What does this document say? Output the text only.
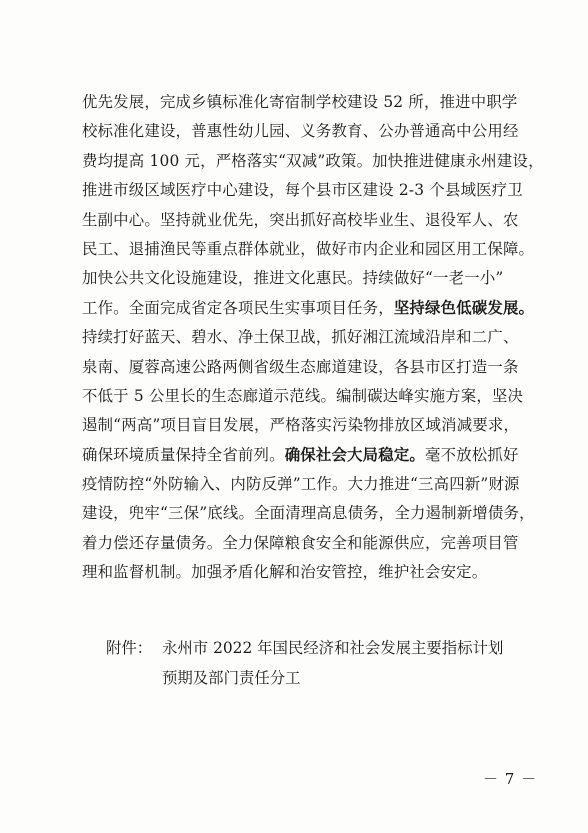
优先发展，完成乡镇标准化寄宿制学校建设 52 所，推进中职学
校标准化建设，普惠性幼儿园、义务教育、公办普通高中公用经
费均提高 100 元，严格落实“双减”政策。加快推进健康永州建设，
推进市级区域医疗中心建设，每个县市区建设 2-3 个县域医疗卫
生副中心。坚持就业优先，突出抓好高校毕业生、退役军人、农
民工、退捕渔民等重点群体就业，做好市内企业和园区用工保障。
加快公共文化设施建设，推进文化惠民。持续做好“一老一小”
工作。全面完成省定各项民生实事项目任务，坚持绿色低碳发展。
持续打好蓝天、碧水、净土保卫战，抓好湘江流域沿岸和二广、
泉南、厦蓉高速公路两侧省级生态廊道建设，各县市区打造一条
不低于 5 公里长的生态廊道示范线。编制碳达峰实施方案，坚决
遏制“两高”项目盲目发展，严格落实污染物排放区域消减要求，
确保环境质量保持全省前列。确保社会大局稳定。毫不放松抓好
疫情防控“外防输入、内防反弹”工作。大力推进“三高四新”财源
建设，兜牢“三保”底线。全面清理高息债务，全力遏制新增债务，
着力偿还存量债务。全力保障粮食安全和能源供应，完善项目管
理和监督机制。加强矛盾化解和治安管控，维护社会安定。
附件： 永州市 2022 年国民经济和社会发展主要指标计划
预期及部门责任分工
－ 7 －
